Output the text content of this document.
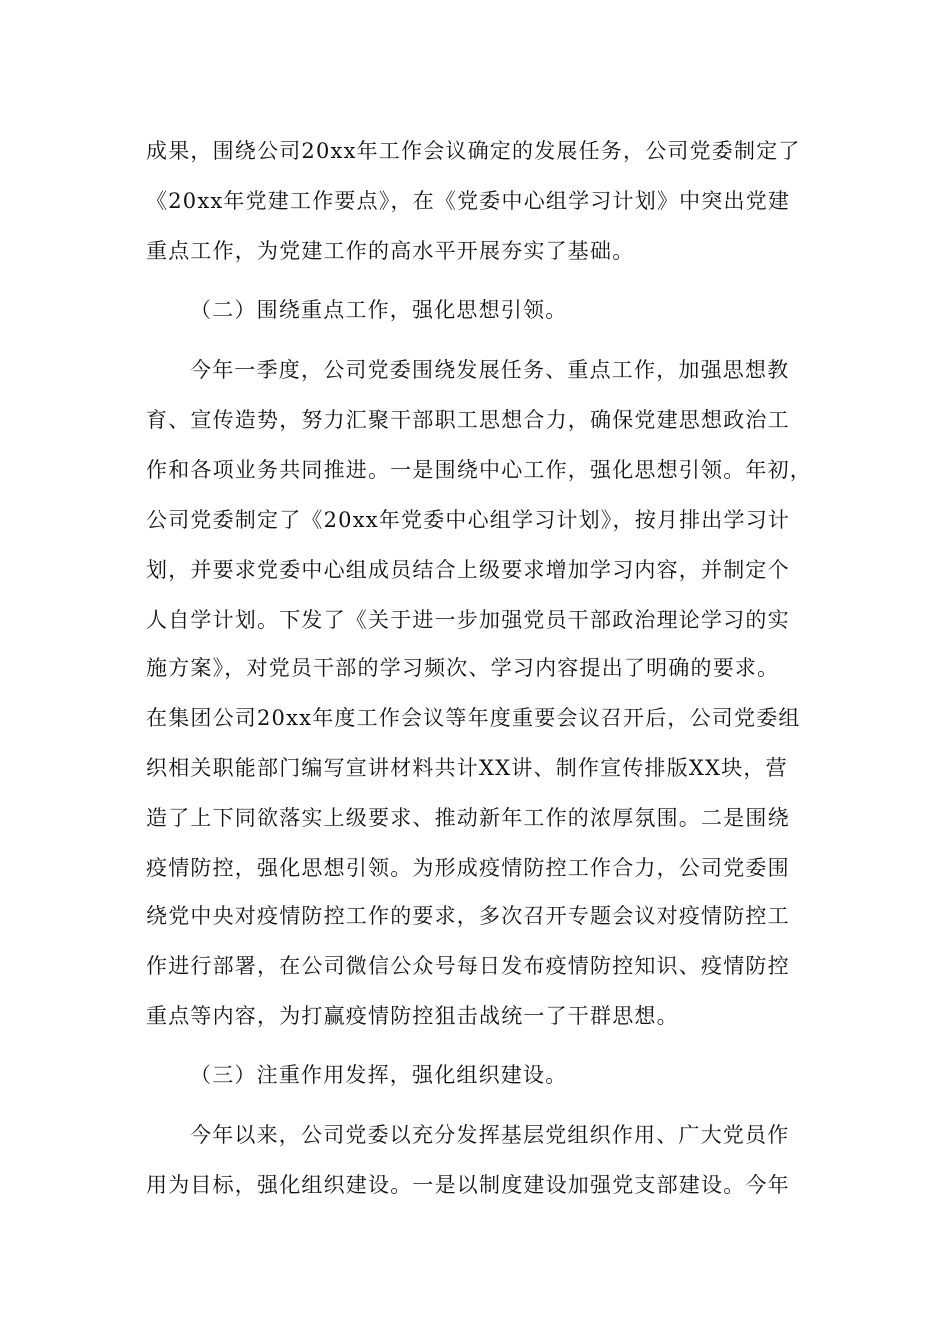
成果，围绕公司20xx年工作会议确定的发展任务，公司党委制定了
《20xx年党建工作要点》，在《党委中心组学习计划》中突出党建
重点工作，为党建工作的高水平开展夯实了基础。
（二）围绕重点工作，强化思想引领。
今年一季度，公司党委围绕发展任务、重点工作，加强思想教
育、宣传造势，努力汇聚干部职工思想合力，确保党建思想政治工
作和各项业务共同推进。一是围绕中心工作，强化思想引领。年初，
公司党委制定了《20xx年党委中心组学习计划》，按月排出学习计
划，并要求党委中心组成员结合上级要求增加学习内容，并制定个
人自学计划。下发了《关于进一步加强党员干部政治理论学习的实
施方案》，对党员干部的学习频次、学习内容提出了明确的要求。
在集团公司20xx年度工作会议等年度重要会议召开后，公司党委组
织相关职能部门编写宣讲材料共计XX讲、制作宣传排版XX块，营
造了上下同欲落实上级要求、推动新年工作的浓厚氛围。二是围绕
疫情防控，强化思想引领。为形成疫情防控工作合力，公司党委围
绕党中央对疫情防控工作的要求，多次召开专题会议对疫情防控工
作进行部署，在公司微信公众号每日发布疫情防控知识、疫情防控
重点等内容，为打赢疫情防控狙击战统一了干群思想。
（三）注重作用发挥，强化组织建设。
今年以来，公司党委以充分发挥基层党组织作用、广大党员作
用为目标，强化组织建设。一是以制度建设加强党支部建设。今年
